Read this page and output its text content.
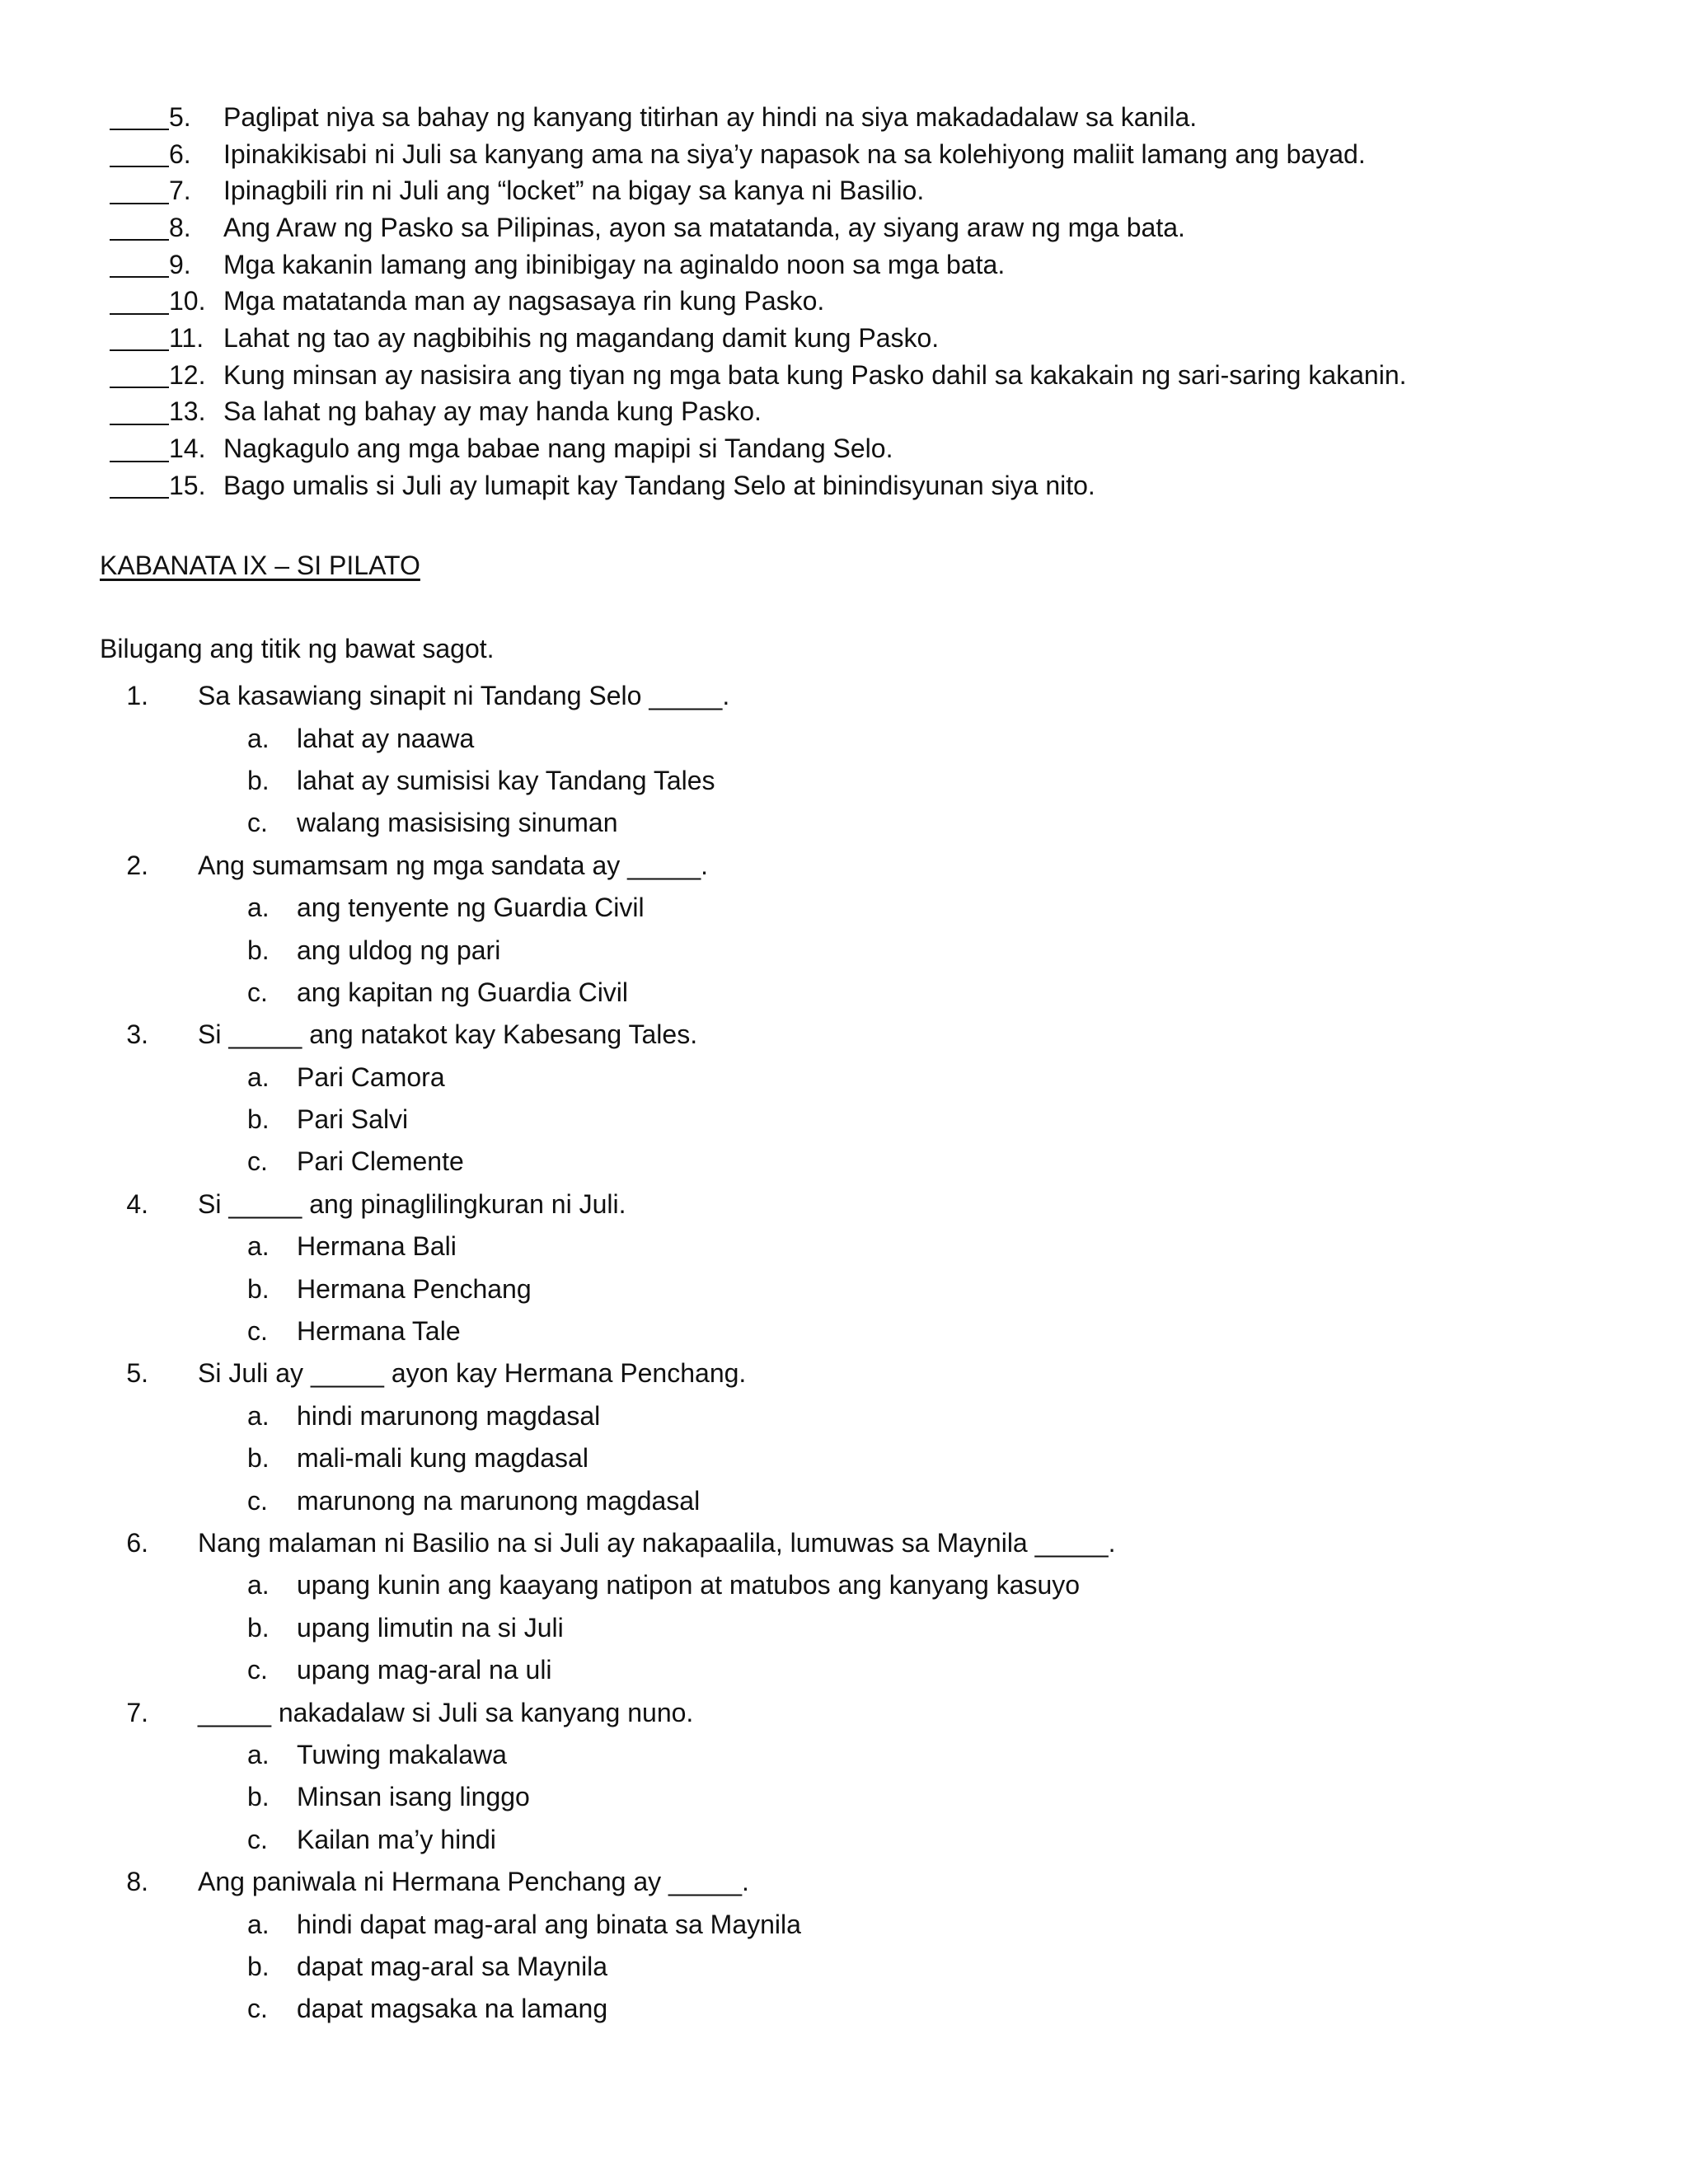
5.	Paglipat niya sa bahay ng kanyang titirhan ay hindi na siya makadadalaw sa kanila.
6.	Ipinakikisabi ni Juli sa kanyang ama na siya’y napasok na sa kolehiyong maliit lamang ang bayad.
7.	Ipinagbili rin ni Juli ang “locket” na bigay sa kanya ni Basilio.
8.	Ang Araw ng Pasko sa Pilipinas, ayon sa matatanda, ay siyang araw ng mga bata.
9.	Mga kakanin lamang ang ibinibigay na aginaldo noon sa mga bata.
10. Mga matatanda man ay nagsasaya rin kung Pasko.
11. Lahat ng tao ay nagbibihis ng magandang damit kung Pasko.
12. Kung minsan ay nasisira ang tiyan ng mga bata kung Pasko dahil sa kakakain ng sari-saring kakanin.
13. Sa lahat ng bahay ay may handa kung Pasko.
14. Nagkagulo ang mga babae nang mapipi si Tandang Selo.
15. Bago umalis si Juli ay lumapit kay Tandang Selo at binindisyunan siya nito.
KABANATA IX – SI PILATO
Bilugang ang titik ng bawat sagot.
1. Sa kasawiang sinapit ni Tandang Selo _____.
a.	lahat ay naawa
b.	lahat ay sumisisi kay Tandang Tales
c.	walang masisising sinuman
2. Ang sumamsam ng mga sandata ay _____.
a.	ang tenyente ng Guardia Civil
b.	ang uldog ng pari
c.	ang kapitan ng Guardia Civil
3. Si _____ ang natakot kay Kabesang Tales.
a.	Pari Camora
b.	Pari Salvi
c.	Pari Clemente
4. Si _____ ang pinaglilingkuran ni Juli.
a.	Hermana Bali
b.	Hermana Penchang
c.	Hermana Tale
5. Si Juli ay _____ ayon kay Hermana Penchang.
a.	hindi marunong magdasal
b.	mali-mali kung magdasal
c.	marunong na marunong magdasal
6. Nang malaman ni Basilio na si Juli ay nakapaalila, lumuwas sa Maynila _____.
a.	upang kunin ang kaayang natipon at matubos ang kanyang kasuyo
b.	upang limutin na si Juli
c.	upang mag-aral na uli
7. _____ nakadalaw si Juli sa kanyang nuno.
a.	Tuwing makalawa
b.	Minsan isang linggo
c.	Kailan ma’y hindi
8. Ang paniwala ni Hermana Penchang ay _____.
a.	hindi dapat mag-aral ang binata sa Maynila
b.	dapat mag-aral sa Maynila
c.	dapat magsaka na lamang
